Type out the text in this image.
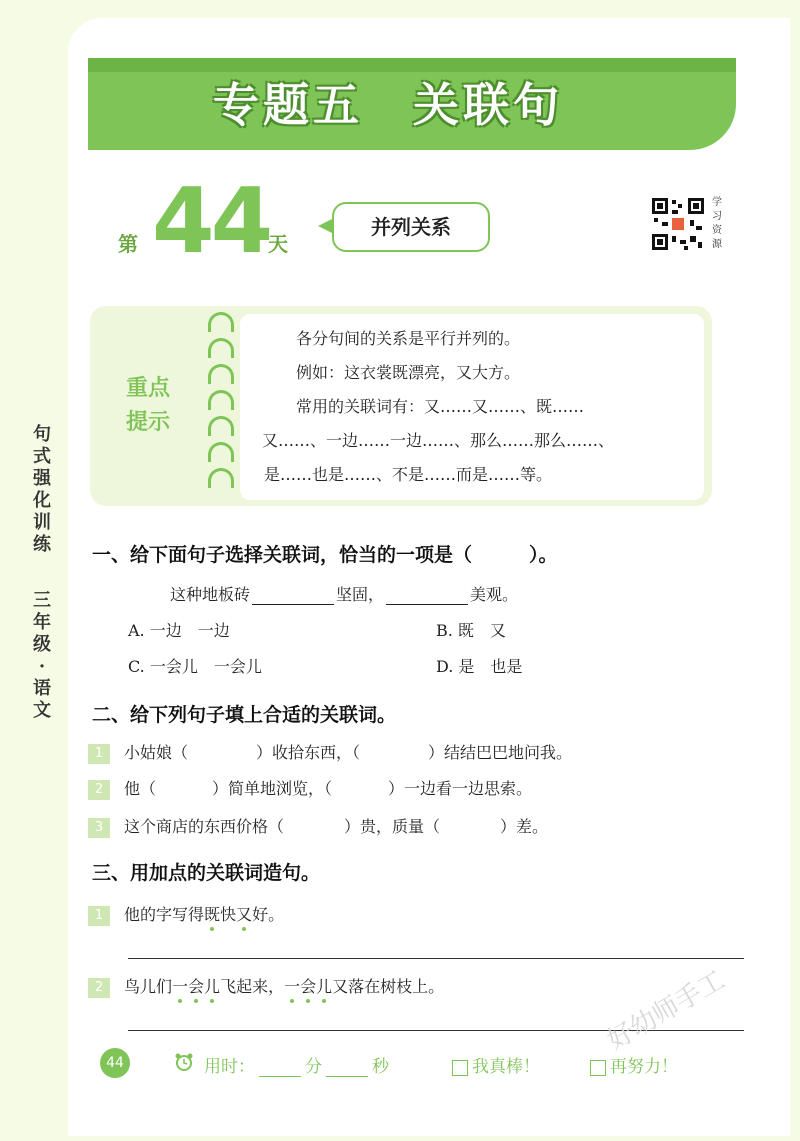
专题五　关联句
第 44
天
并列关系
学习资源
重点
提示

各分句间的关系是平行并列的。

例如：这衣裳既漂亮，又大方。

常用的关联词有：又……又……、既……

又……、一边……一边……、那么……那么……、

是……也是……、不是……而是……等。

句
式
强
化
训
练
三
年
级
·
语
文
一、给下面句子选择关联词，恰当的一项是（　　　）。
这种地板砖	坚固，	美观。
A. 一边　一边	B. 既　又
C. 一会儿　一会儿	D. 是　也是
二、给下列句子填上合适的关联词。
1 小姑娘（	）收拾东西，（	）结结巴巴地问我。
2 他（	）简单地浏览，（	）一边看一边思索。
3 这个商店的东西价格（	）贵，质量（	）差。
三、用加点的关联词造句。
1 他的字写得既快又好。
2 鸟儿们一会儿飞起来，一会儿又落在树枝上。	好幼师手工
44	用时：	分	秒	我真棒！	再努力！
